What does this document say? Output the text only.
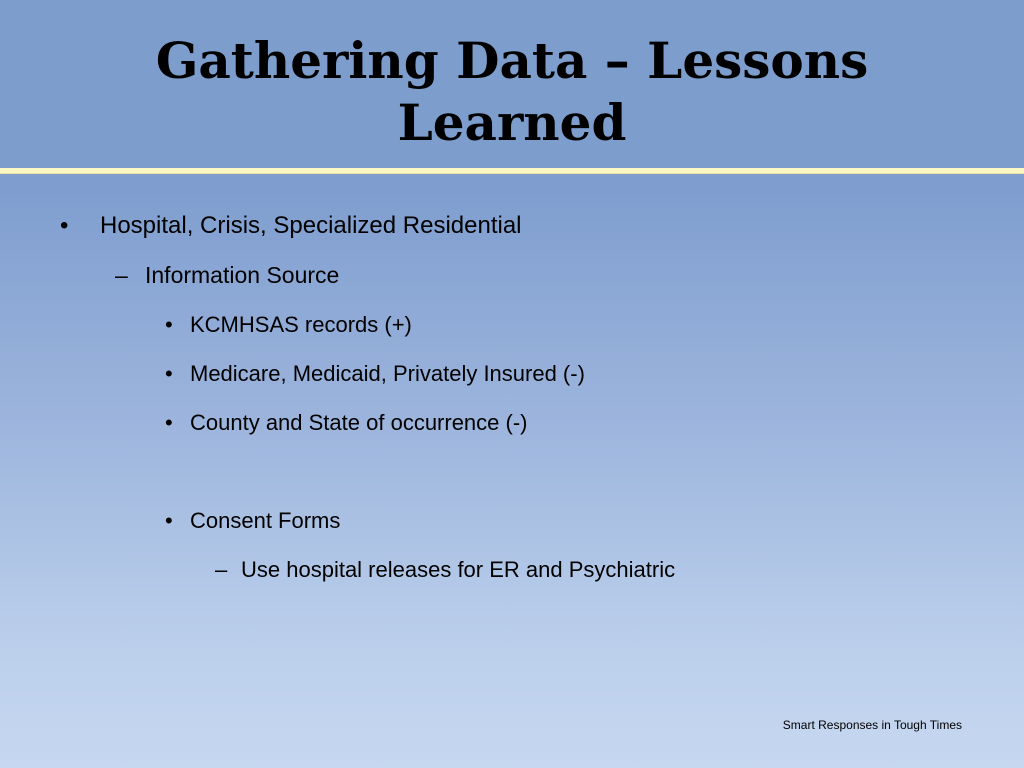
Gathering Data – Lessons Learned
•	Hospital, Crisis, Specialized Residential
– Information Source
• KCMHSAS records (+)
• Medicare, Medicaid, Privately Insured (-)
• County and State of occurrence (-)
• Consent Forms
– Use hospital releases for ER and Psychiatric
Smart Responses in Tough Times
